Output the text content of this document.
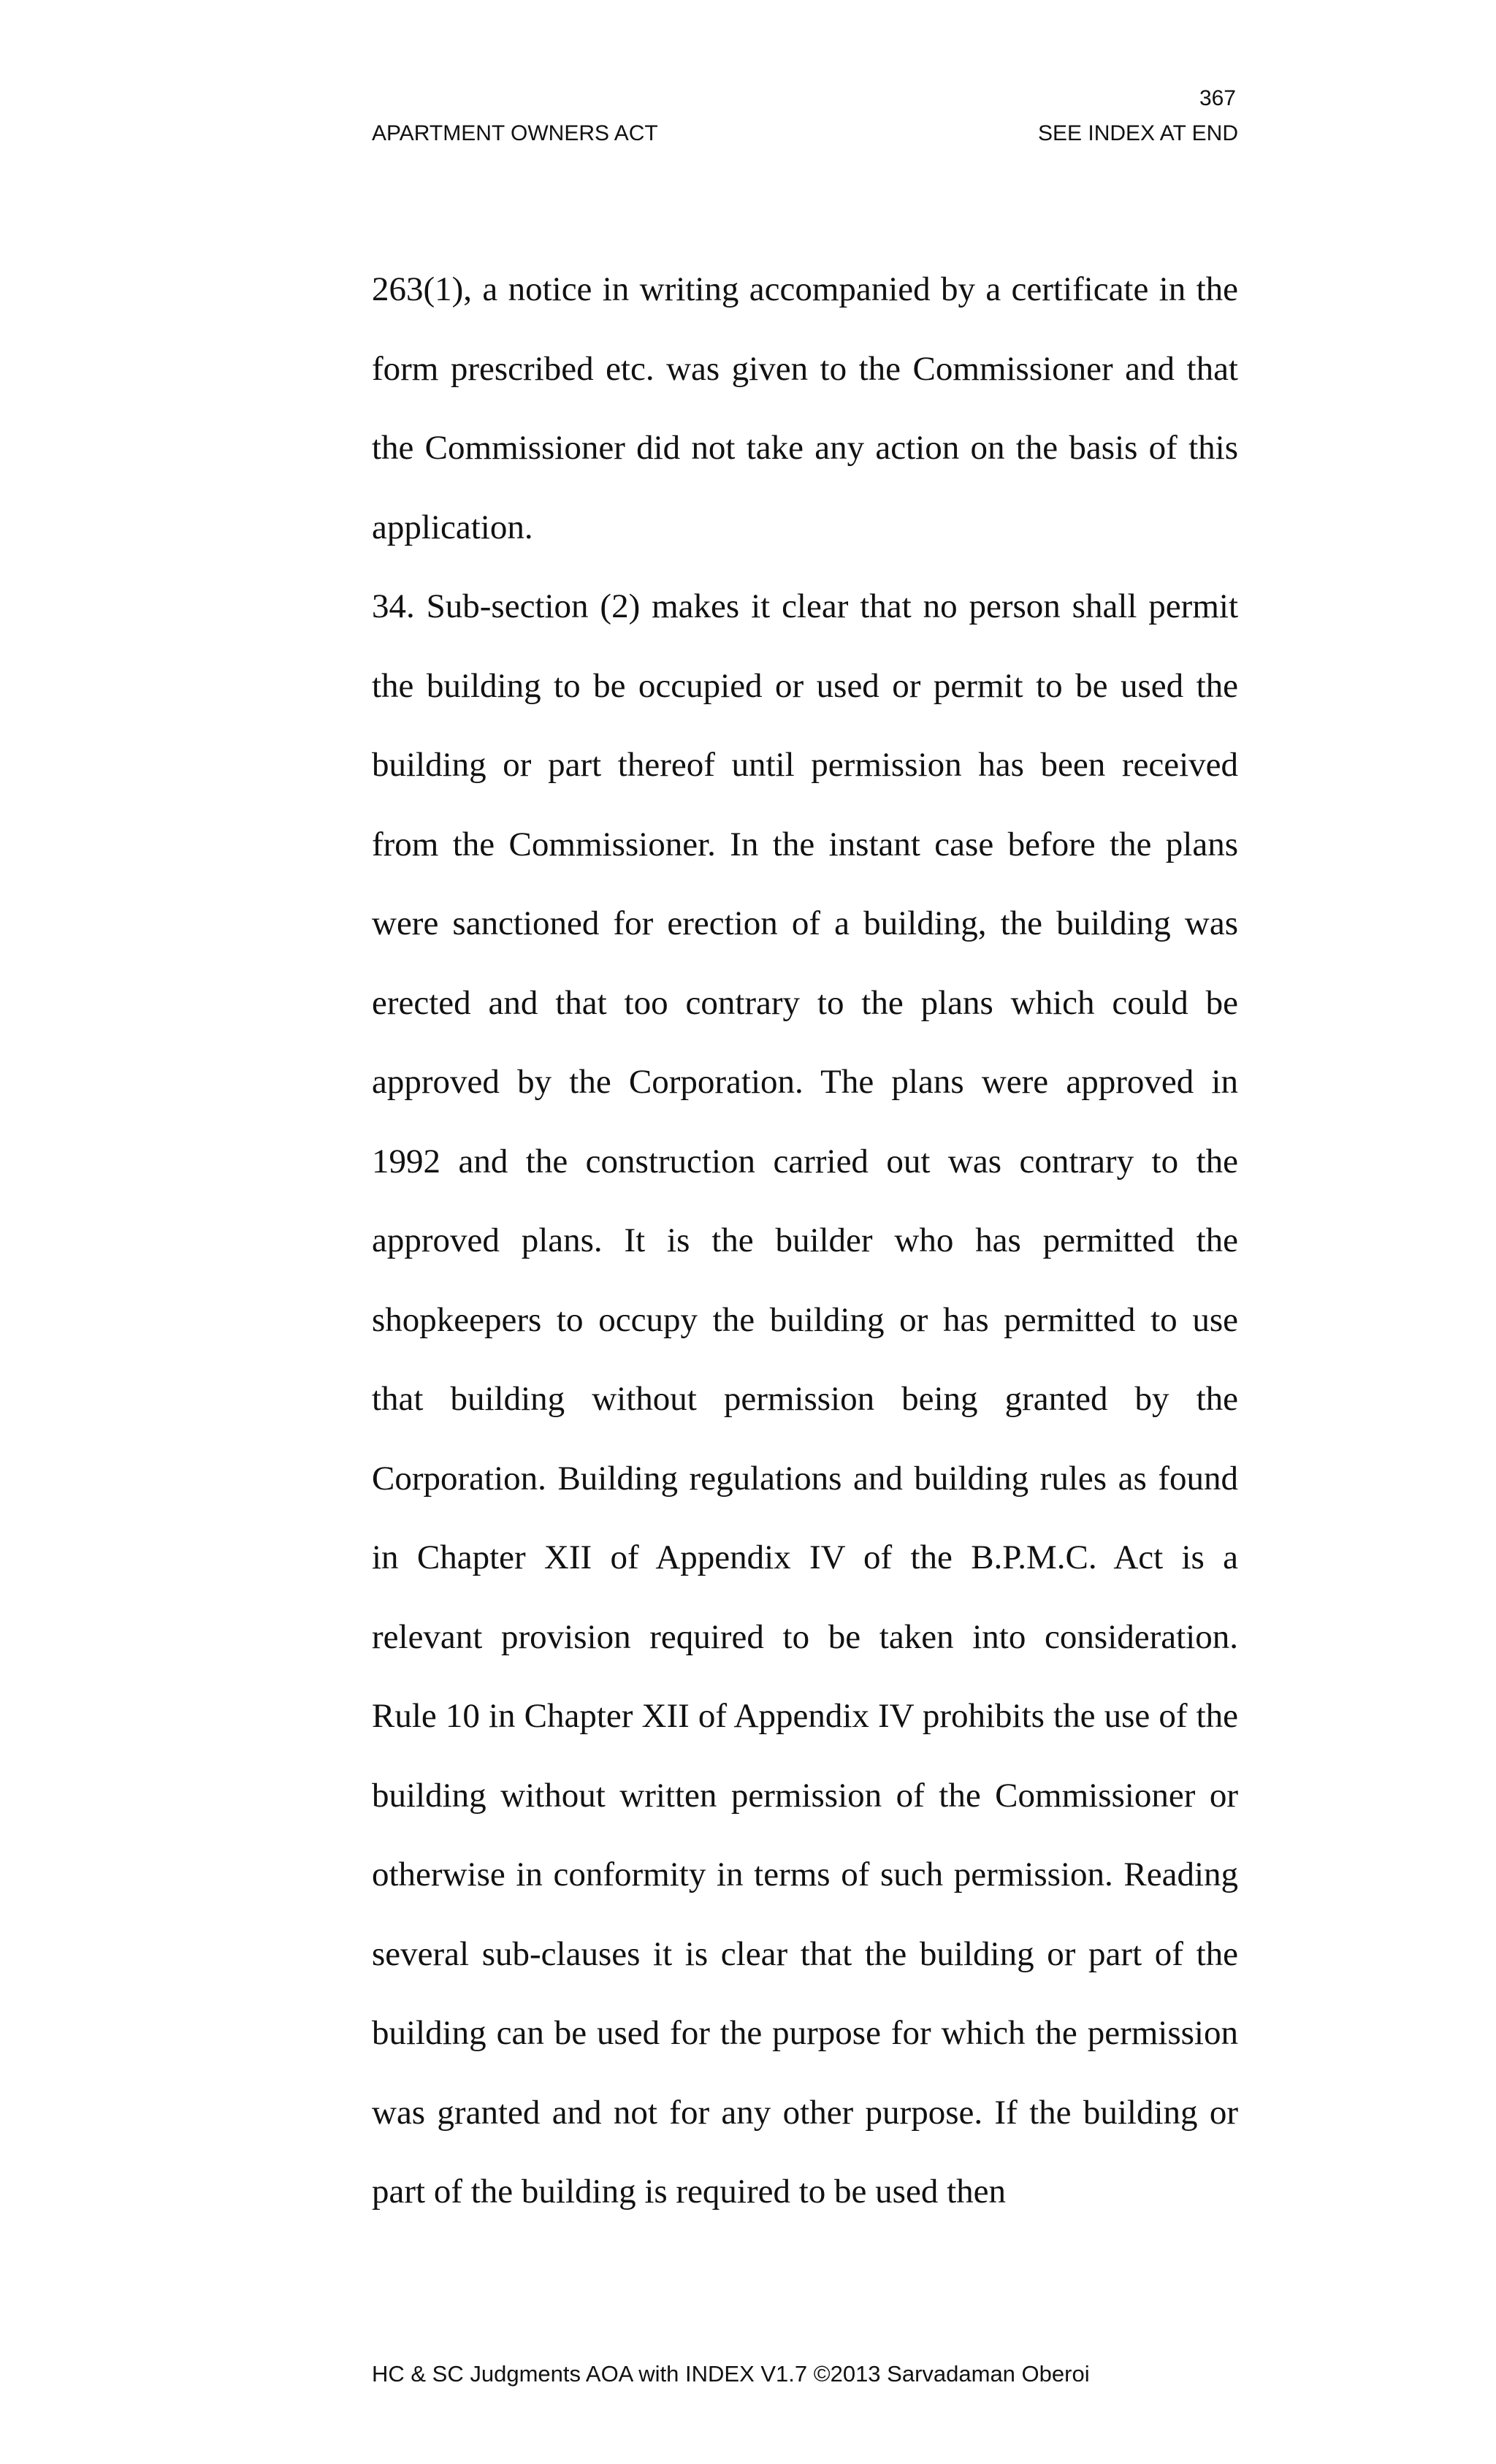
367
APARTMENT OWNERS ACT	SEE INDEX AT END

263(1), a notice in writing accompanied by a certificate in the form prescribed etc. was given to the Commissioner and that the Commissioner did not take any action on the basis of this application.

34. Sub-section (2) makes it clear that no person shall permit the building to be occupied or used or permit to be used the building or part thereof until permission has been received from the Commissioner. In the instant case before the plans were sanctioned for erection of a building, the building was erected and that too contrary to the plans which could be approved by the Corporation. The plans were approved in 1992 and the construction carried out was contrary to the approved plans. It is the builder who has permitted the shopkeepers to occupy the building or has permitted to use that building without permission being granted by the Corporation. Building regulations and building rules as found in Chapter XII of Appendix IV of the B.P.M.C. Act is a relevant provision required to be taken into consideration. Rule 10 in Chapter XII of Appendix IV prohibits the use of the building without written permission of the Commissioner or otherwise in conformity in terms of such permission. Reading several sub-clauses it is clear that the building or part of the building can be used for the purpose for which the permission was granted and not for any other purpose. If the building or part of the building is required to be used then

HC & SC Judgments AOA with INDEX V1.7 ©2013 Sarvadaman Oberoi
